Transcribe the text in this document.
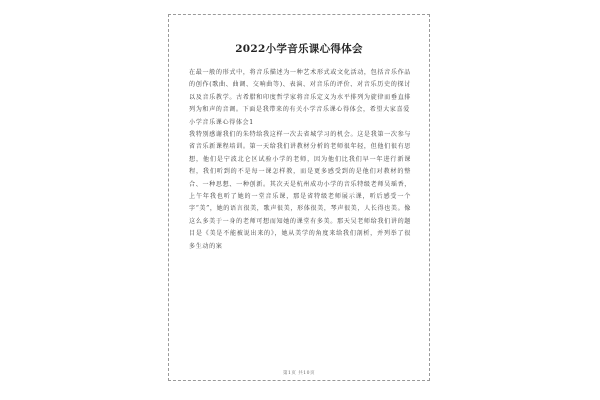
2022小学音乐课心得体会

在最一般的形式中，将音乐描述为一种艺术形式或文化活动，包括音乐作品的创作(歌曲、曲调、交响曲等)、表演、对音乐的评价、对音乐历史的探讨以及音乐教学。古希腊和印度哲学家将音乐定义为水平排列为旋律而垂直排列为和声的音调。下面是我带来的有关小学音乐课心得体会，希望大家喜爱

小学音乐课心得体会1

我特别感谢我们的朱特给我这样一次去省城学习的机会。这是我第一次参与省音乐新课程培训。第一天给我们讲教材分析的老师很年轻，但他们很有思想，他们是宁波北仑区试验小学的老师，因为他们比我们早一年进行新课程，我们听到的不是每一课怎样教，而是更多感受到的是他们对教材的整合、一种思想、一种创新。其次天是杭州成功小学的音乐特级老师吴瑶香，上午年我也听了她的一堂音乐课，那是省特级老师展示课，听后感受一个字“美”，她的语言很美，歌声很美，形体很美，琴声很美，人长得也美。像这么多美于一身的老师可想而知她的课堂有多美。那天吴老师给我们讲的题目是《美是不能被说出来的》，她从美学的角度来给我们剖析，并列举了很多生动的案

第1页 共10页
